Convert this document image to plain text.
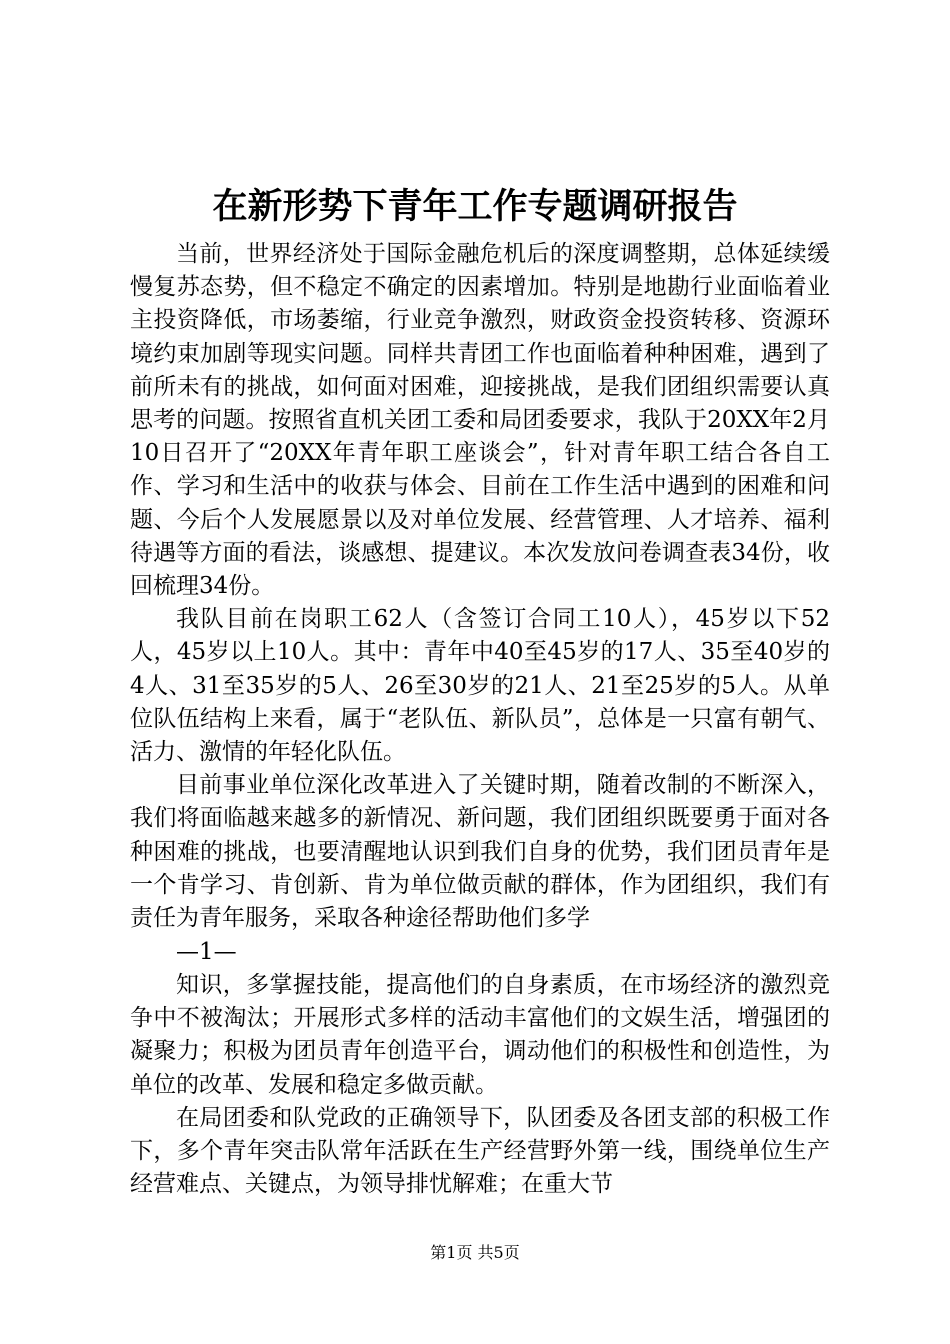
在新形势下青年工作专题调研报告

当前，世界经济处于国际金融危机后的深度调整期，总体延续缓慢复苏态势，但不稳定不确定的因素增加。特别是地勘行业面临着业主投资降低，市场萎缩，行业竞争激烈，财政资金投资转移、资源环境约束加剧等现实问题。同样共青团工作也面临着种种困难，遇到了前所未有的挑战，如何面对困难，迎接挑战，是我们团组织需要认真思考的问题。按照省直机关团工委和局团委要求，我队于20XX年2月10日召开了“20XX年青年职工座谈会”，针对青年职工结合各自工作、学习和生活中的收获与体会、目前在工作生活中遇到的困难和问题、今后个人发展愿景以及对单位发展、经营管理、人才培养、福利待遇等方面的看法，谈感想、提建议。本次发放问卷调查表34份，收回梳理34份。

我队目前在岗职工62人（含签订合同工10人），45岁以下52人，45岁以上10人。其中：青年中40至45岁的17人、35至40岁的4人、31至35岁的5人、26至30岁的21人、21至25岁的5人。从单位队伍结构上来看，属于“老队伍、新队员”，总体是一只富有朝气、活力、激情的年轻化队伍。

目前事业单位深化改革进入了关键时期，随着改制的不断深入，我们将面临越来越多的新情况、新问题，我们团组织既要勇于面对各种困难的挑战，也要清醒地认识到我们自身的优势，我们团员青年是一个肯学习、肯创新、肯为单位做贡献的群体，作为团组织，我们有责任为青年服务，采取各种途径帮助他们多学

—1—

知识，多掌握技能，提高他们的自身素质，在市场经济的激烈竞争中不被淘汰；开展形式多样的活动丰富他们的文娱生活，增强团的凝聚力；积极为团员青年创造平台，调动他们的积极性和创造性，为单位的改革、发展和稳定多做贡献。

在局团委和队党政的正确领导下，队团委及各团支部的积极工作下，多个青年突击队常年活跃在生产经营野外第一线，围绕单位生产经营难点、关键点，为领导排忧解难；在重大节

第1页 共5页
